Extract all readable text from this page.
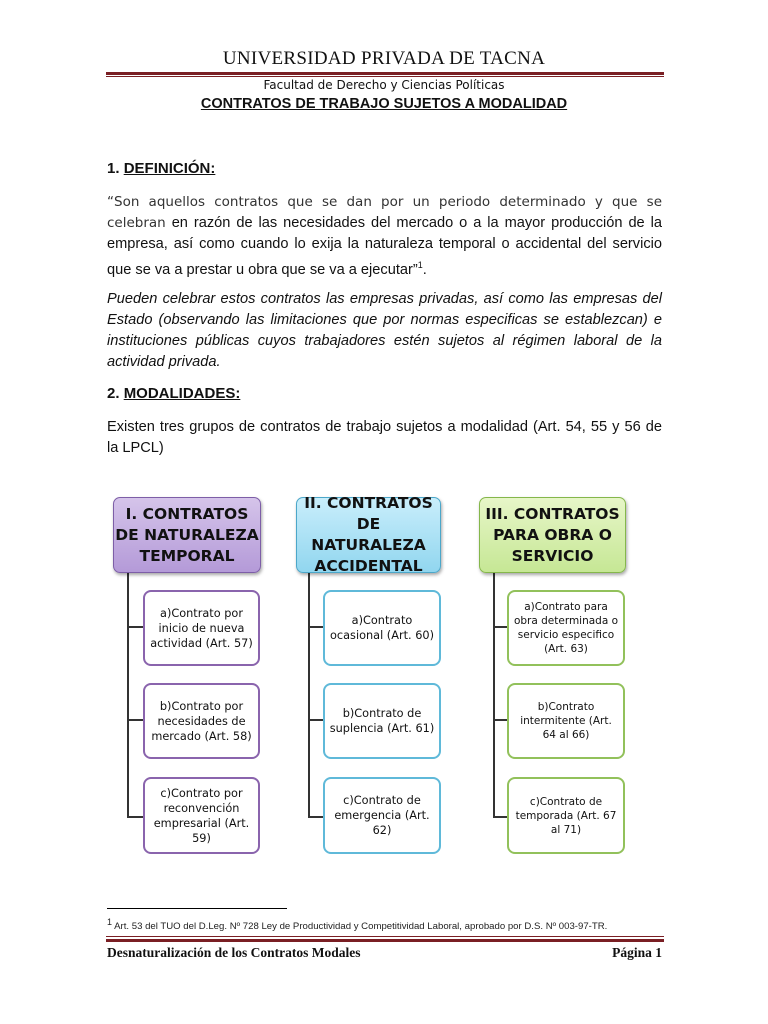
UNIVERSIDAD PRIVADA DE TACNA
Facultad de Derecho y Ciencias Políticas
CONTRATOS DE TRABAJO SUJETOS A MODALIDAD
1. DEFINICIÓN:
“Son aquellos contratos que se dan por un periodo determinado y que se celebran en razón de las necesidades del mercado o a la mayor producción de la empresa, así como cuando lo exija la naturaleza temporal o accidental del servicio que se va a prestar u obra que se va a ejecutar”$^1$.
Pueden celebrar estos contratos las empresas privadas, así como las empresas del Estado (observando las limitaciones que por normas especificas se establezcan) e instituciones públicas cuyos trabajadores estén sujetos al régimen laboral de la actividad privada.
2. MODALIDADES:
Existen tres grupos de contratos de trabajo sujetos a modalidad (Art. 54, 55 y 56 de la LPCL)
I. CONTRATOS DE NATURALEZA TEMPORAL
II. CONTRATOS DE NATURALEZA ACCIDENTAL
III. CONTRATOS PARA OBRA O SERVICIO
a)Contrato por inicio de nueva actividad (Art. 57)
b)Contrato por necesidades de mercado (Art. 58)
c)Contrato por reconvención empresarial (Art. 59)
a)Contrato ocasional (Art. 60)
b)Contrato de suplencia (Art. 61)
c)Contrato de emergencia (Art. 62)
a)Contrato para obra determinada o servicio especifico (Art. 63)
b)Contrato intermitente (Art. 64 al 66)
c)Contrato de temporada (Art. 67 al 71)
$^1$ Art. 53 del TUO del D.Leg. Nº 728 Ley de Productividad y Competitividad Laboral, aprobado por D.S. Nº 003-97-TR.
Desnaturalización de los Contratos Modales	Página 1
